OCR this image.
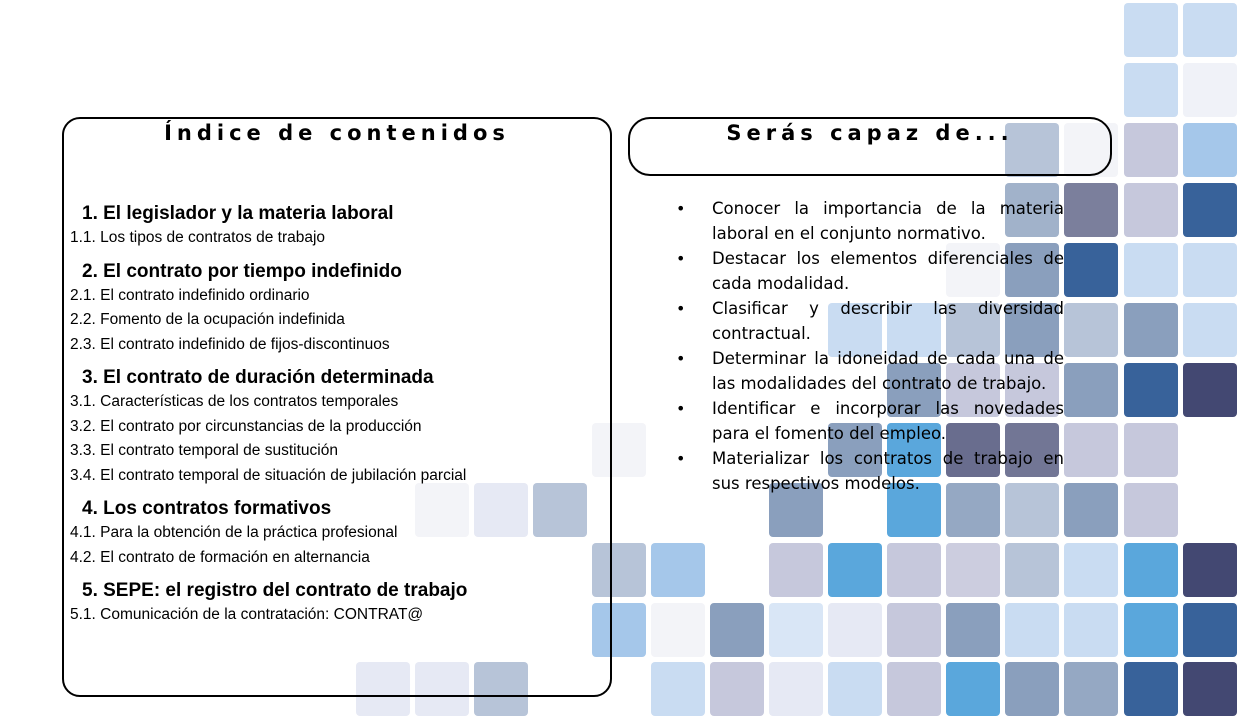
Índice de contenidos
1. El legislador y la materia laboral
1.1. Los tipos de contratos de trabajo
2. El contrato por tiempo indefinido
2.1. El contrato indefinido ordinario
2.2. Fomento de la ocupación indefinida
2.3. El contrato indefinido de fijos-discontinuos
3. El contrato de duración determinada
3.1. Características de los contratos temporales
3.2. El contrato por circunstancias de la producción
3.3. El contrato temporal de sustitución
3.4. El contrato temporal de situación de jubilación parcial
4. Los contratos formativos
4.1. Para la obtención de la práctica profesional
4.2. El contrato de formación en alternancia
5. SEPE: el registro del contrato de trabajo
5.1. Comunicación de la contratación: CONTRAT@
Serás capaz de...
• Conocer la importancia de la materia laboral en el conjunto normativo.
• Destacar los elementos diferenciales de cada modalidad.
• Clasificar y describir las diversidad contractual.
• Determinar la idoneidad de cada una de las modalidades del contrato de trabajo.
• Identificar e incorporar las novedades para el fomento del empleo.
• Materializar los contratos de trabajo en sus respectivos modelos.
